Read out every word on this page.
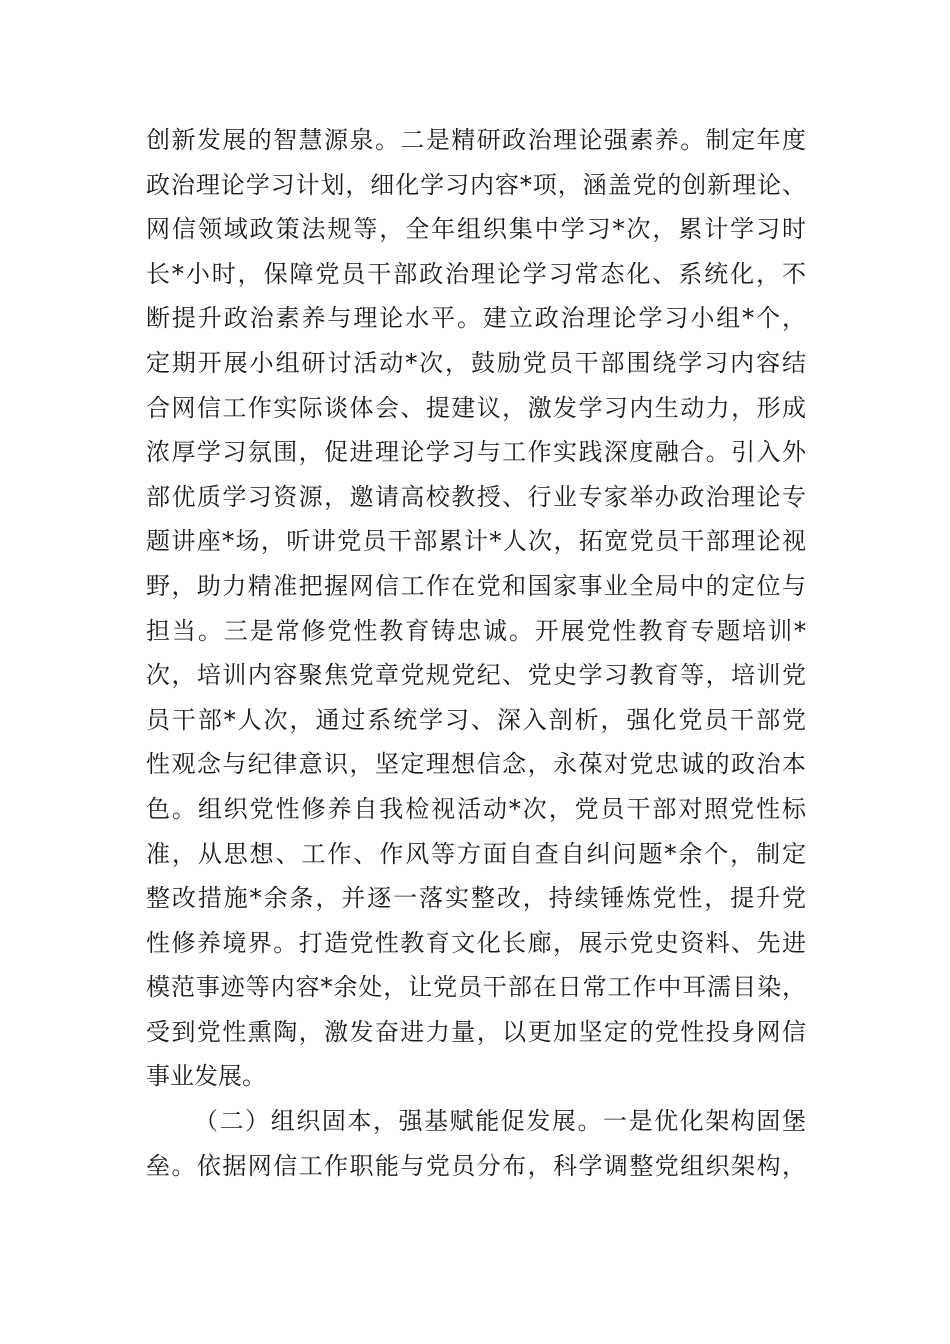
创新发展的智慧源泉。二是精研政治理论强素养。制定年度
政治理论学习计划，细化学习内容*项，涵盖党的创新理论、
网信领域政策法规等，全年组织集中学习*次，累计学习时
长*小时，保障党员干部政治理论学习常态化、系统化，不
断提升政治素养与理论水平。建立政治理论学习小组*个，
定期开展小组研讨活动*次，鼓励党员干部围绕学习内容结
合网信工作实际谈体会、提建议，激发学习内生动力，形成
浓厚学习氛围，促进理论学习与工作实践深度融合。引入外
部优质学习资源，邀请高校教授、行业专家举办政治理论专
题讲座*场，听讲党员干部累计*人次，拓宽党员干部理论视
野，助力精准把握网信工作在党和国家事业全局中的定位与
担当。三是常修党性教育铸忠诚。开展党性教育专题培训*
次，培训内容聚焦党章党规党纪、党史学习教育等，培训党
员干部*人次，通过系统学习、深入剖析，强化党员干部党
性观念与纪律意识，坚定理想信念，永葆对党忠诚的政治本
色。组织党性修养自我检视活动*次，党员干部对照党性标
准，从思想、工作、作风等方面自查自纠问题*余个，制定
整改措施*余条，并逐一落实整改，持续锤炼党性，提升党
性修养境界。打造党性教育文化长廊，展示党史资料、先进
模范事迹等内容*余处，让党员干部在日常工作中耳濡目染，
受到党性熏陶，激发奋进力量，以更加坚定的党性投身网信
事业发展。
（二）组织固本，强基赋能促发展。一是优化架构固堡
垒。依据网信工作职能与党员分布，科学调整党组织架构，
